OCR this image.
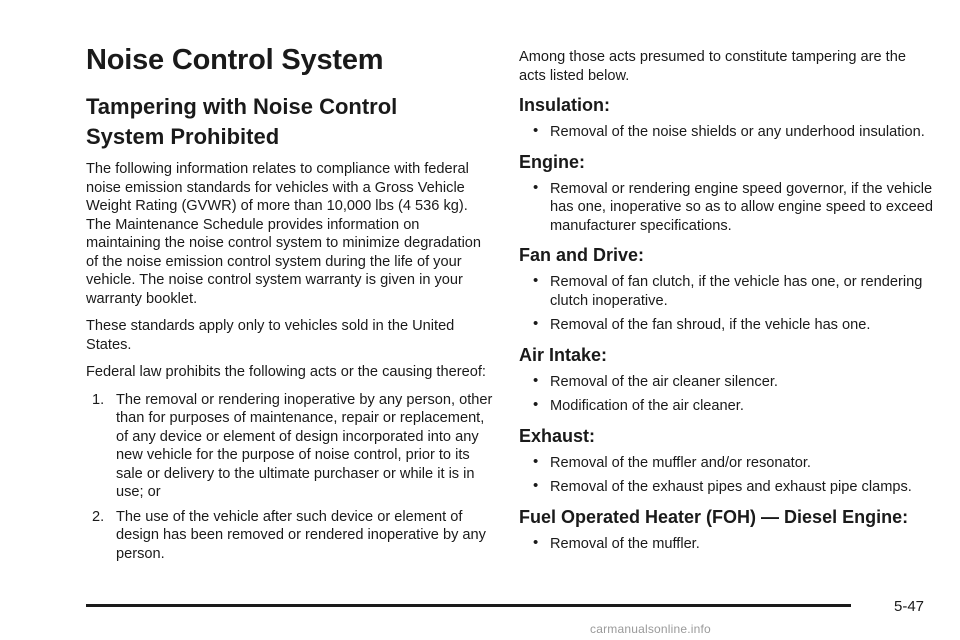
Noise Control System
Tampering with Noise Control
System Prohibited

The following information relates to compliance with federal noise emission standards for vehicles with a Gross Vehicle Weight Rating (GVWR) of more than 10,000 lbs (4 536 kg). The Maintenance Schedule provides information on maintaining the noise control system to minimize degradation of the noise emission control system during the life of your vehicle. The noise control system warranty is given in your warranty booklet.

These standards apply only to vehicles sold in the United States.

Federal law prohibits the following acts or the causing thereof:

1. The removal or rendering inoperative by any person, other than for purposes of maintenance, repair or replacement, of any device or element of design incorporated into any new vehicle for the purpose of noise control, prior to its sale or delivery to the ultimate purchaser or while it is in use; or
2. The use of the vehicle after such device or element of design has been removed or rendered inoperative by any person.

Among those acts presumed to constitute tampering are the acts listed below.

Insulation:
• Removal of the noise shields or any underhood insulation.
Engine:
• Removal or rendering engine speed governor, if the vehicle has one, inoperative so as to allow engine speed to exceed manufacturer specifications.
Fan and Drive:
• Removal of fan clutch, if the vehicle has one, or rendering clutch inoperative.
• Removal of the fan shroud, if the vehicle has one.
Air Intake:
• Removal of the air cleaner silencer.
• Modification of the air cleaner.
Exhaust:
• Removal of the muffler and/or resonator.
• Removal of the exhaust pipes and exhaust pipe clamps.
Fuel Operated Heater (FOH) — Diesel Engine:
• Removal of the muffler.
5-47
carmanualsonline.info
